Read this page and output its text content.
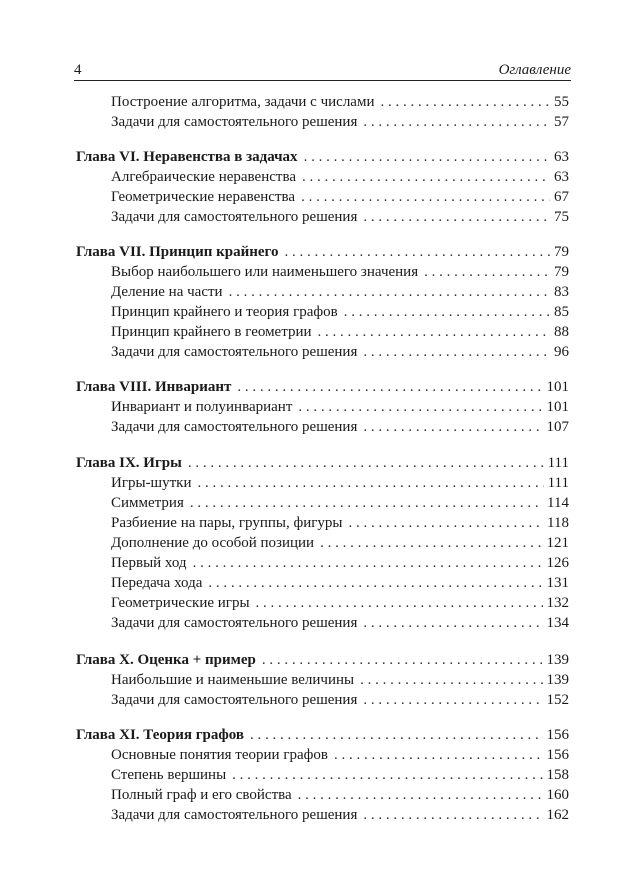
4	Оглавление
Построение алгоритма, задачи с числами . . .	55
Задачи для самостоятельного решения . . .	57
Глава VI. Неравенства в задачах . . .	63
Алгебраические неравенства . . .	63
Геометрические неравенства . . .	67
Задачи для самостоятельного решения . . .	75
Глава VII. Принцип крайнего . . .	79
Выбор наибольшего или наименьшего значения . . .	79
Деление на части . . .	83
Принцип крайнего и теория графов . . .	85
Принцип крайнего в геометрии . . .	88
Задачи для самостоятельного решения . . .	96
Глава VIII. Инвариант . . .	101
Инвариант и полуинвариант . . .	101
Задачи для самостоятельного решения . . .	107
Глава IX. Игры . . .	111
Игры-шутки . . .	111
Симметрия . . .	114
Разбиение на пары, группы, фигуры . . .	118
Дополнение до особой позиции . . .	121
Первый ход . . .	126
Передача хода . . .	131
Геометрические игры . . .	132
Задачи для самостоятельного решения . . .	134
Глава X. Оценка + пример . . .	139
Наибольшие и наименьшие величины . . .	139
Задачи для самостоятельного решения . . .	152
Глава XI. Теория графов . . .	156
Основные понятия теории графов . . .	156
Степень вершины . . .	158
Полный граф и его свойства . . .	160
Задачи для самостоятельного решения . . .	162
